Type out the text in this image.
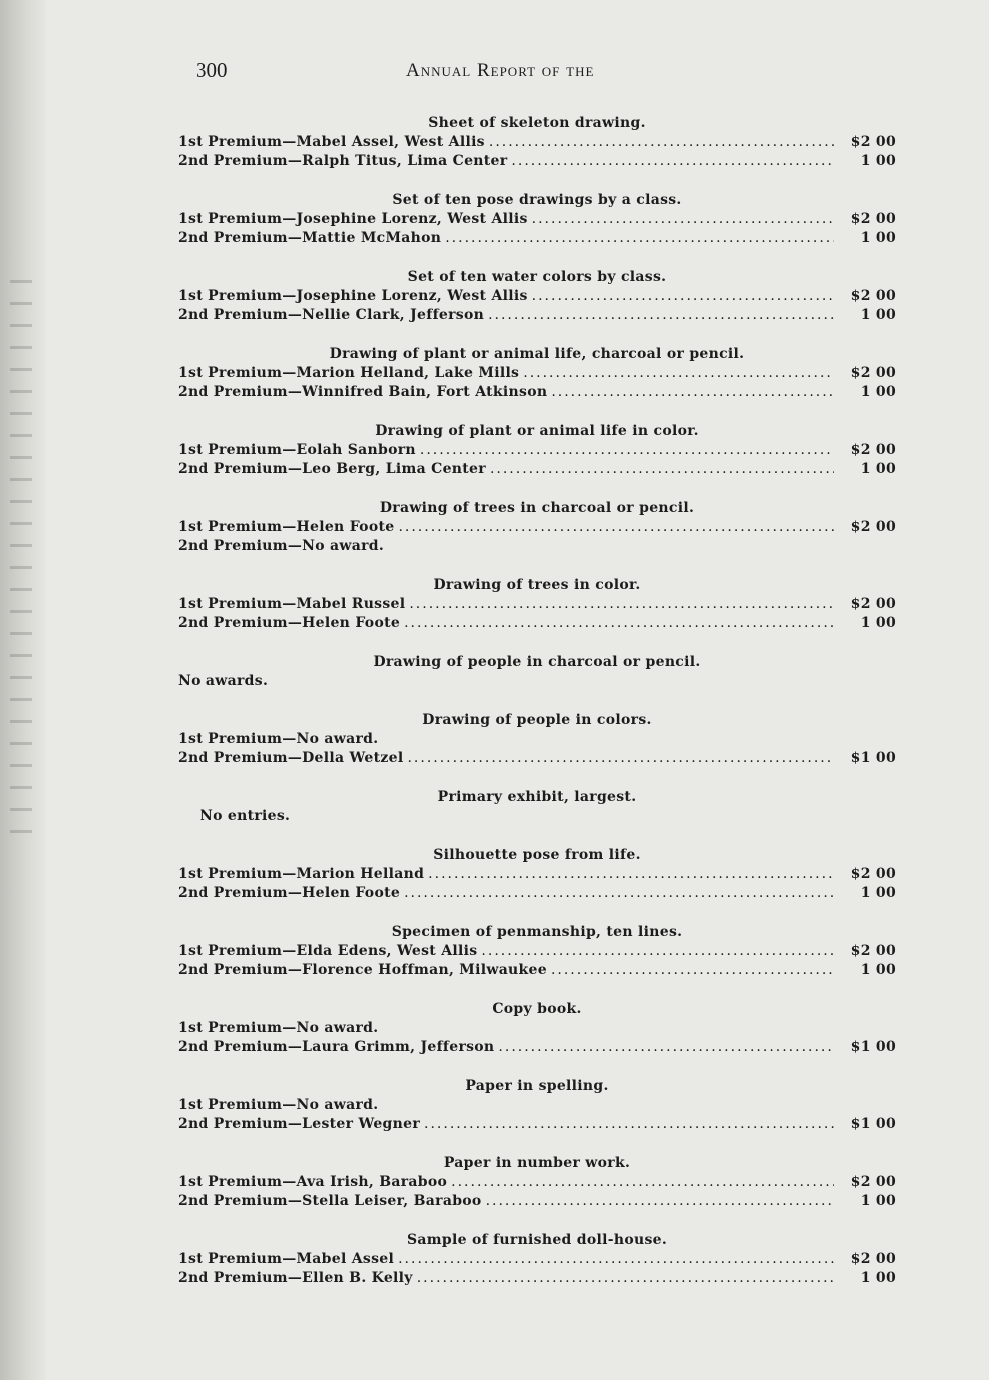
300	Annual Report of the
Sheet of skeleton drawing.
1st Premium—Mabel Assel, West Allis .....	$2 00
2nd Premium—Ralph Titus, Lima Center .....	1 00
Set of ten pose drawings by a class.
1st Premium—Josephine Lorenz, West Allis .....	$2 00
2nd Premium—Mattie McMahon .....	1 00
Set of ten water colors by class.
1st Premium—Josephine Lorenz, West Allis .....	$2 00
2nd Premium—Nellie Clark, Jefferson .....	1 00
Drawing of plant or animal life, charcoal or pencil.
1st Premium—Marion Helland, Lake Mills .....	$2 00
2nd Premium—Winnifred Bain, Fort Atkinson .....	1 00
Drawing of plant or animal life in color.
1st Premium—Eolah Sanborn .....	$2 00
2nd Premium—Leo Berg, Lima Center .....	1 00
Drawing of trees in charcoal or pencil.
1st Premium—Helen Foote .....	$2 00
2nd Premium—No award.
Drawing of trees in color.
1st Premium—Mabel Russel .....	$2 00
2nd Premium—Helen Foote .....	1 00
Drawing of people in charcoal or pencil.
No awards.
Drawing of people in colors.
1st Premium—No award.
2nd Premium—Della Wetzel .....	$1 00
Primary exhibit, largest.
No entries.
Silhouette pose from life.
1st Premium—Marion Helland .....	$2 00
2nd Premium—Helen Foote .....	1 00
Specimen of penmanship, ten lines.
1st Premium—Elda Edens, West Allis .....	$2 00
2nd Premium—Florence Hoffman, Milwaukee .....	1 00
Copy book.
1st Premium—No award.
2nd Premium—Laura Grimm, Jefferson .....	$1 00
Paper in spelling.
1st Premium—No award.
2nd Premium—Lester Wegner .....	$1 00
Paper in number work.
1st Premium—Ava Irish, Baraboo .....	$2 00
2nd Premium—Stella Leiser, Baraboo .....	1 00
Sample of furnished doll-house.
1st Premium—Mabel Assel .....	$2 00
2nd Premium—Ellen B. Kelly .....	1 00
